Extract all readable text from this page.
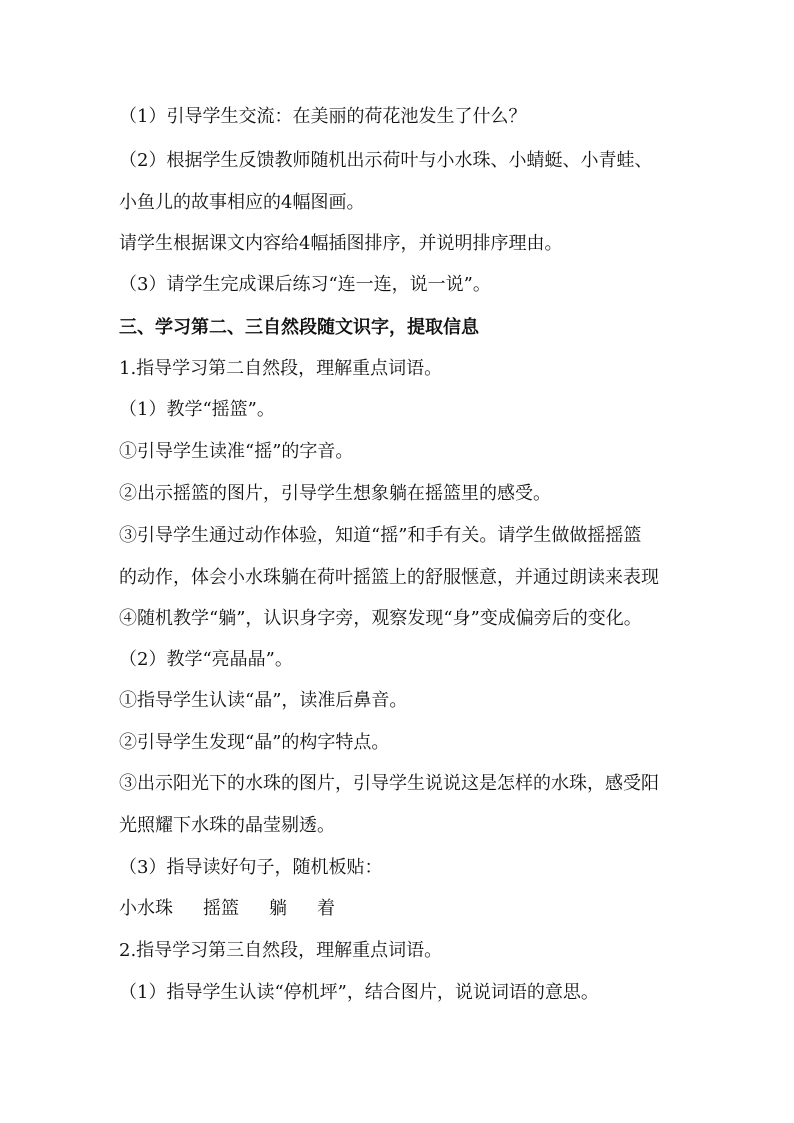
（1）引导学生交流：在美丽的荷花池发生了什么？
（2）根据学生反馈教师随机出示荷叶与小水珠、小蜻蜓、小青蛙、
小鱼儿的故事相应的4幅图画。
请学生根据课文内容给4幅插图排序，并说明排序理由。
（3）请学生完成课后练习“连一连，说一说”。
三、学习第二、三自然段随文识字，提取信息
1.指导学习第二自然段，理解重点词语。
（1）教学“摇篮”。
①引导学生读准“摇”的字音。
②出示摇篮的图片，引导学生想象躺在摇篮里的感受。
③引导学生通过动作体验，知道“摇”和手有关。请学生做做摇摇篮
的动作，体会小水珠躺在荷叶摇篮上的舒服惬意，并通过朗读来表现
④随机教学“躺”，认识身字旁，观察发现“身”变成偏旁后的变化。
（2）教学“亮晶晶”。
①指导学生认读“晶”，读准后鼻音。
②引导学生发现“晶”的构字特点。
③出示阳光下的水珠的图片，引导学生说说这是怎样的水珠，感受阳
光照耀下水珠的晶莹剔透。
（3）指导读好句子，随机板贴：
小水珠 摇篮 躺 着
2.指导学习第三自然段，理解重点词语。
（1）指导学生认读“停机坪”，结合图片，说说词语的意思。
